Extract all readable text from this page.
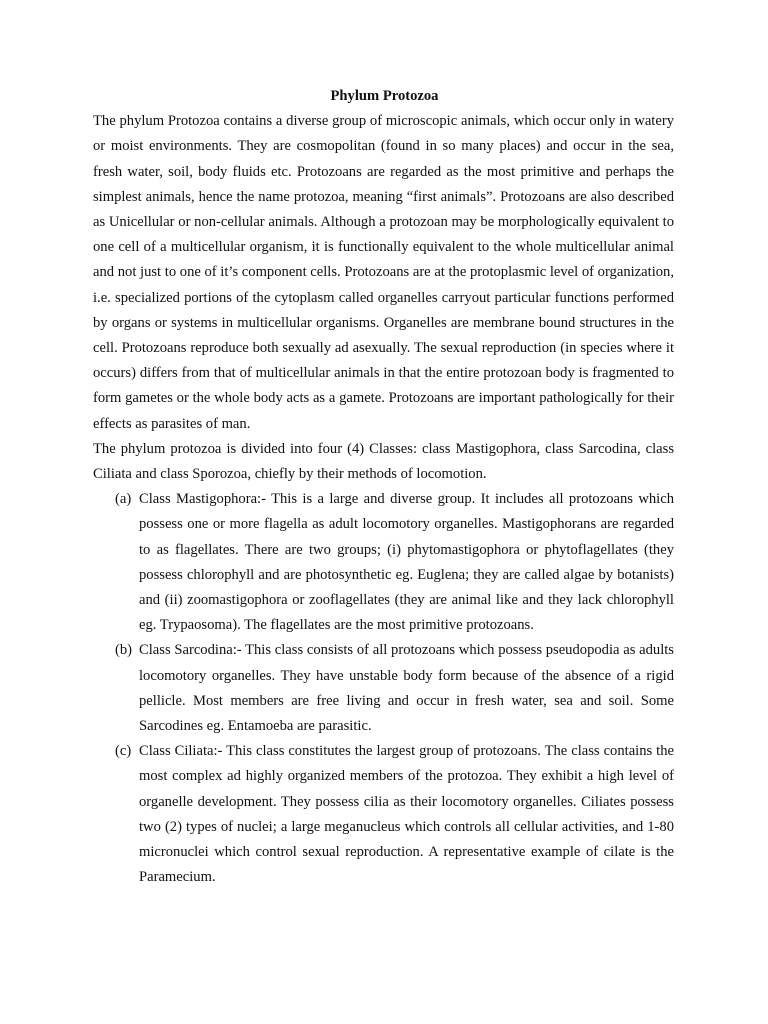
Phylum Protozoa

The phylum Protozoa contains a diverse group of microscopic animals, which occur only in watery or moist environments. They are cosmopolitan (found in so many places) and occur in the sea, fresh water, soil, body fluids etc. Protozoans are regarded as the most primitive and perhaps the simplest animals, hence the name protozoa, meaning “first animals”. Protozoans are also described as Unicellular or non-cellular animals. Although a protozoan may be morphologically equivalent to one cell of a multicellular organism, it is functionally equivalent to the whole multicellular animal and not just to one of it’s component cells. Protozoans are at the protoplasmic level of organization, i.e. specialized portions of the cytoplasm called organelles carryout particular functions performed by organs or systems in multicellular organisms. Organelles are membrane bound structures in the cell. Protozoans reproduce both sexually ad asexually. The sexual reproduction (in species where it occurs) differs from that of multicellular animals in that the entire protozoan body is fragmented to form gametes or the whole body acts as a gamete. Protozoans are important pathologically for their effects as parasites of man.

The phylum protozoa is divided into four (4) Classes: class Mastigophora, class Sarcodina, class Ciliata and class Sporozoa, chiefly by their methods of locomotion.

(a) Class Mastigophora:- This is a large and diverse group. It includes all protozoans which possess one or more flagella as adult locomotory organelles. Mastigophorans are regarded to as flagellates. There are two groups; (i) phytomastigophora or phytoflagellates (they possess chlorophyll and are photosynthetic eg. Euglena; they are called algae by botanists) and (ii) zoomastigophora or zooflagellates (they are animal like and they lack chlorophyll eg. Trypaosoma). The flagellates are the most primitive protozoans.
(b) Class Sarcodina:- This class consists of all protozoans which possess pseudopodia as adults locomotory organelles. They have unstable body form because of the absence of a rigid pellicle. Most members are free living and occur in fresh water, sea and soil. Some Sarcodines eg. Entamoeba are parasitic.
(c) Class Ciliata:- This class constitutes the largest group of protozoans. The class contains the most complex ad highly organized members of the protozoa. They exhibit a high level of organelle development. They possess cilia as their locomotory organelles. Ciliates possess two (2) types of nuclei; a large meganucleus which controls all cellular activities, and 1-80 micronuclei which control sexual reproduction. A representative example of cilate is the Paramecium.
